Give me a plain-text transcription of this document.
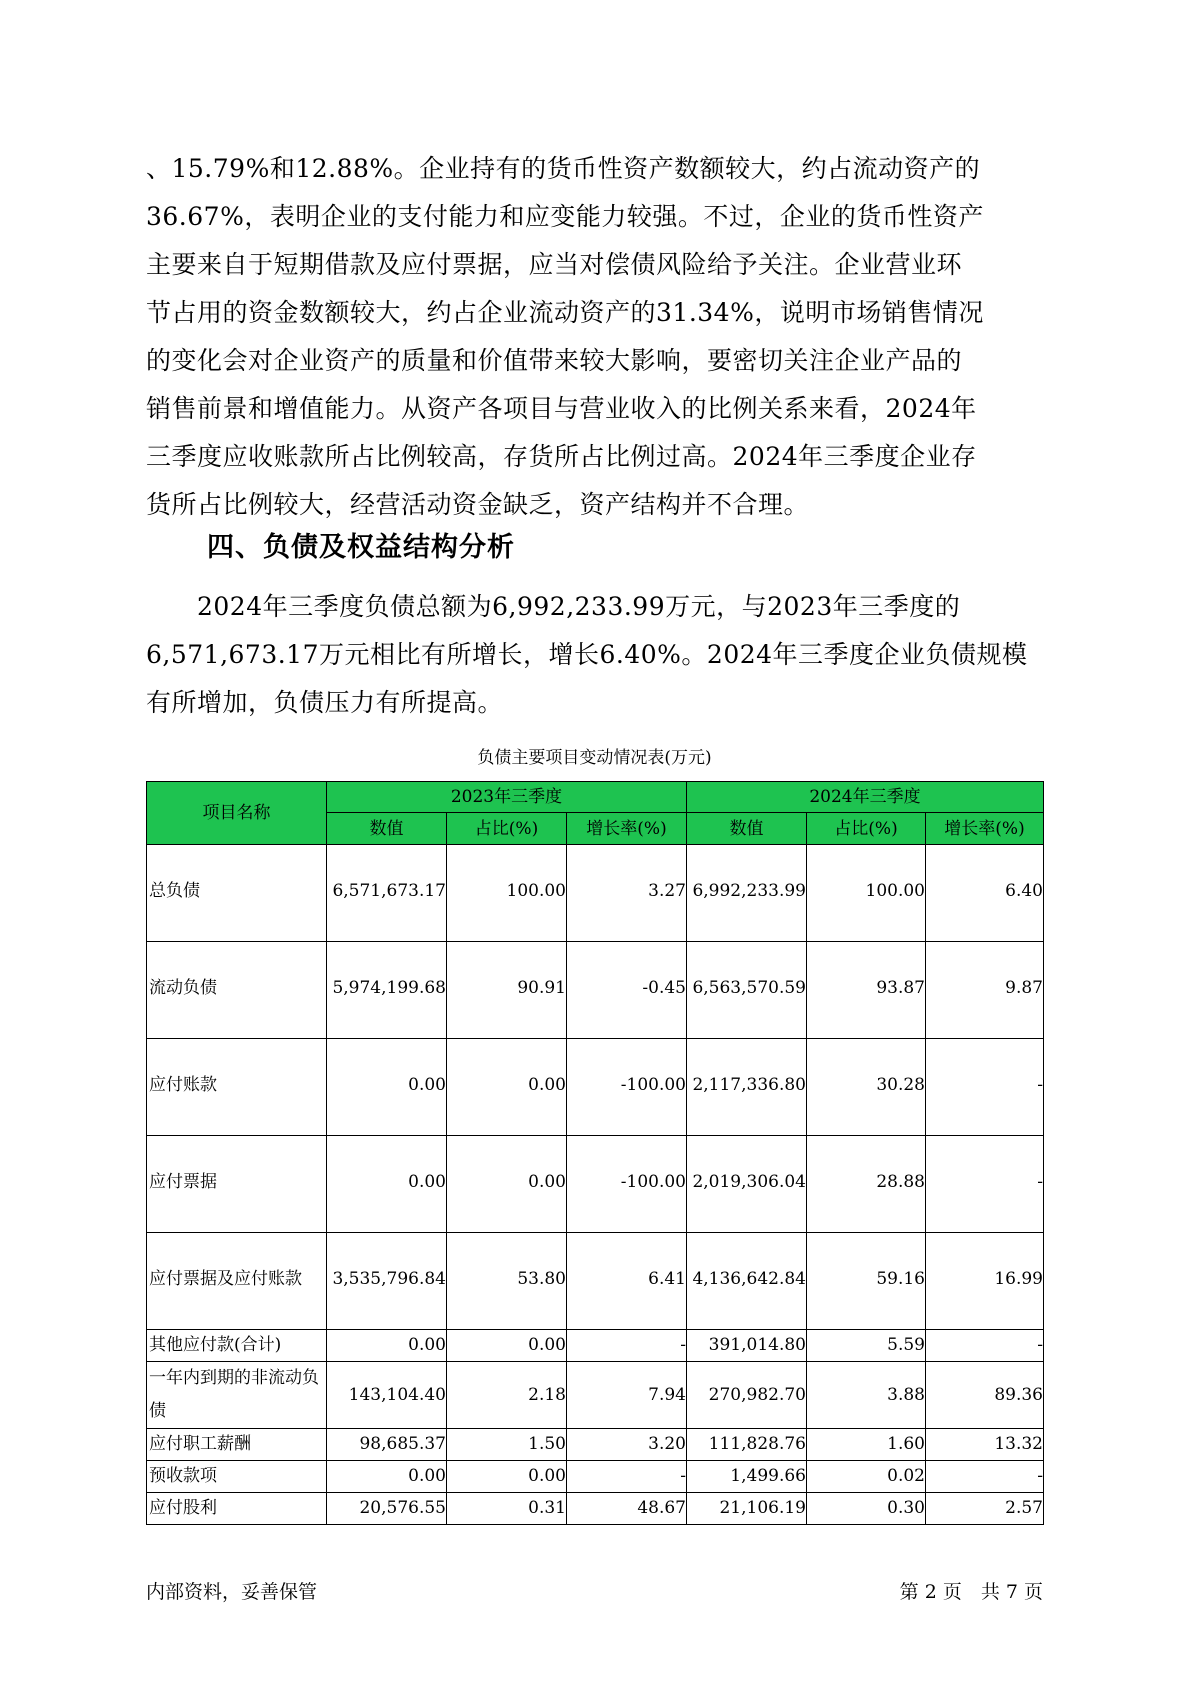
、15.79%和12.88%。企业持有的货币性资产数额较大，约占流动资产的
36.67%，表明企业的支付能力和应变能力较强。不过，企业的货币性资产
主要来自于短期借款及应付票据，应当对偿债风险给予关注。企业营业环
节占用的资金数额较大，约占企业流动资产的31.34%，说明市场销售情况
的变化会对企业资产的质量和价值带来较大影响，要密切关注企业产品的
销售前景和增值能力。从资产各项目与营业收入的比例关系来看，2024年
三季度应收账款所占比例较高，存货所占比例过高。2024年三季度企业存
货所占比例较大，经营活动资金缺乏，资产结构并不合理。
四、负债及权益结构分析
　　2024年三季度负债总额为6,992,233.99万元，与2023年三季度的
6,571,673.17万元相比有所增长，增长6.40%。2024年三季度企业负债规模
有所增加，负债压力有所提高。
负债主要项目变动情况表(万元)
项目名称	2023年三季度			2024年三季度		
	数值	占比(%)	增长率(%)	数值	占比(%)	增长率(%)
总负债	6,571,673.17	100.00	3.27	6,992,233.99	100.00	6.40
流动负债	5,974,199.68	90.91	-0.45	6,563,570.59	93.87	9.87
应付账款	0.00	0.00	-100.00	2,117,336.80	30.28	-
应付票据	0.00	0.00	-100.00	2,019,306.04	28.88	-
应付票据及应付账款	3,535,796.84	53.80	6.41	4,136,642.84	59.16	16.99
其他应付款(合计)	0.00	0.00	-	391,014.80	5.59	-
一年内到期的非流动负债	143,104.40	2.18	7.94	270,982.70	3.88	89.36
应付职工薪酬	98,685.37	1.50	3.20	111,828.76	1.60	13.32
预收款项	0.00	0.00	-	1,499.66	0.02	-
应付股利	20,576.55	0.31	48.67	21,106.19	0.30	2.57
内部资料，妥善保管	第 2 页　共 7 页
